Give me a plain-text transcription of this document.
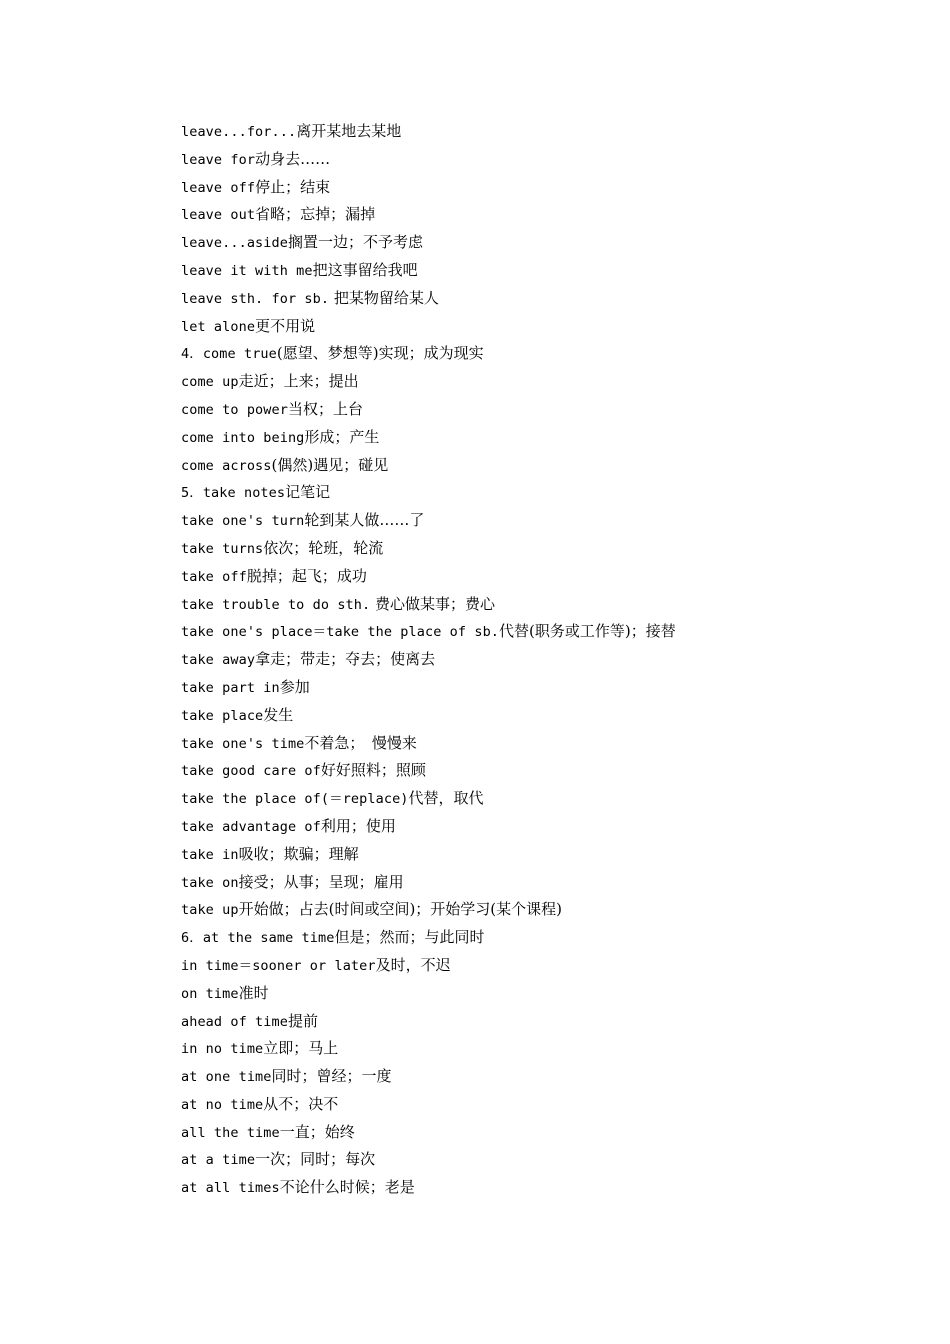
leave...for...离开某地去某地
leave for动身去……
leave off停止；结束
leave out省略；忘掉；漏掉
leave...aside搁置一边；不予考虑
leave it with me把这事留给我吧
leave sth. for sb. 把某物留给某人
let alone更不用说
4．come true(愿望、梦想等)实现；成为现实
come up走近；上来；提出
come to power当权；上台
come into being形成；产生
come across(偶然)遇见；碰见
5．take notes记笔记
take one's turn轮到某人做……了
take turns依次；轮班，轮流
take off脱掉；起飞；成功
take trouble to do sth. 费心做某事；费心
take one's place＝take the place of sb.代替(职务或工作等)；接替
take away拿走；带走；夺去；使离去
take part in参加
take place发生
take one's time不着急；　慢慢来
take good care of好好照料；照顾
take the place of(＝replace)代替，取代
take advantage of利用；使用
take in吸收；欺骗；理解
take on接受；从事；呈现；雇用
take up开始做；占去(时间或空间)；开始学习(某个课程)
6．at the same time但是；然而；与此同时
in time＝sooner or later及时，不迟
on time准时
ahead of time提前
in no time立即；马上
at one time同时；曾经；一度
at no time从不；决不
all the time一直；始终
at a time一次；同时；每次
at all times不论什么时候；老是
